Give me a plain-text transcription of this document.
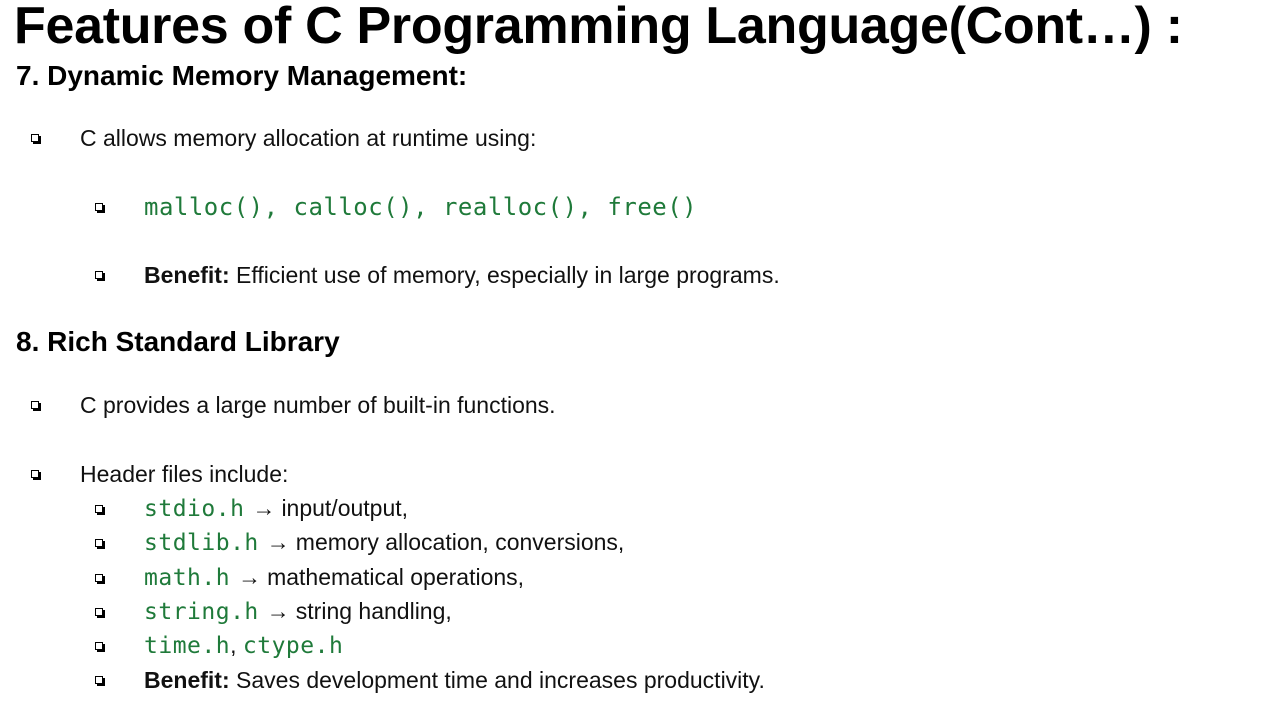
Features of C Programming Language(Cont…) :
7. Dynamic Memory Management:
C allows memory allocation at runtime using:
malloc(), calloc(), realloc(), free()
Benefit: Efficient use of memory, especially in large programs.
8. Rich Standard Library
C provides a large number of built-in functions.
Header files include:
stdio.h → input/output,
stdlib.h → memory allocation, conversions,
math.h → mathematical operations,
string.h → string handling,
time.h, ctype.h
Benefit: Saves development time and increases productivity.
